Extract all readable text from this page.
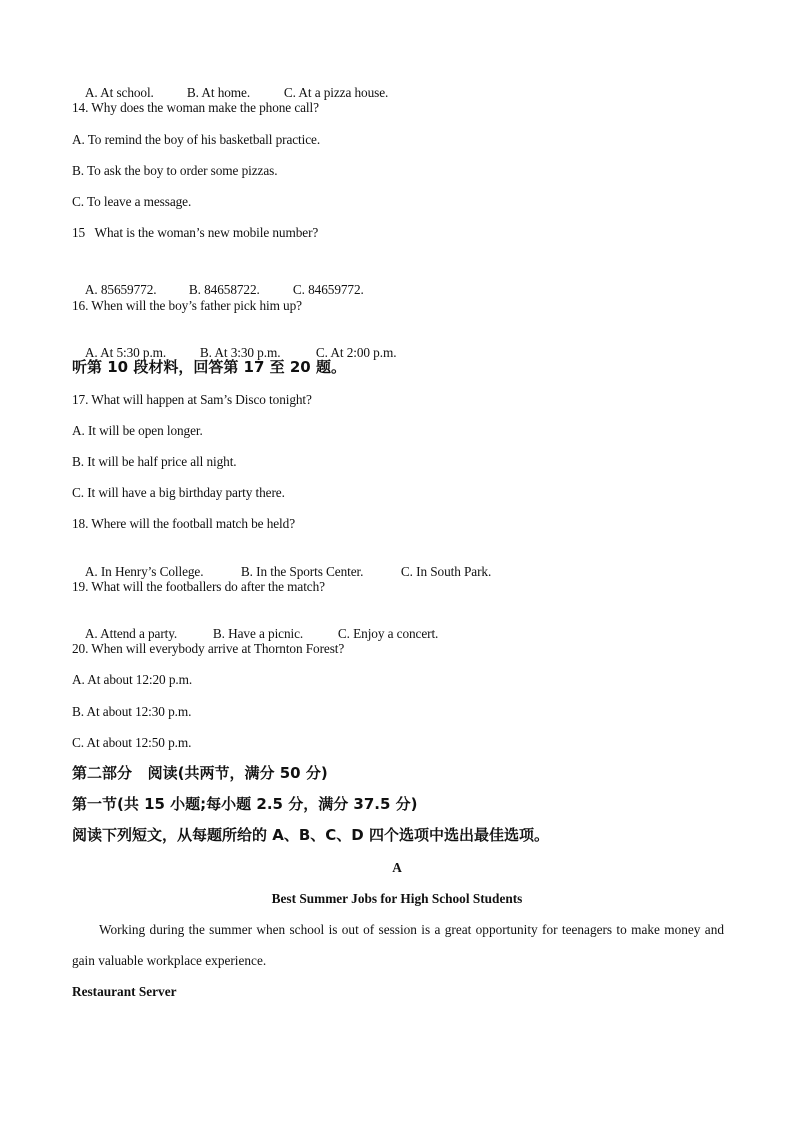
A. At school. B. At home.	C. At a pizza house.

14. Why does the woman make the phone call?
A. To remind the boy of his basketball practice.
B. To ask the boy to order some pizzas.
C. To leave a message.
15   What is the woman’s new mobile number?

A. 85659772. B. 84658722. C. 84659772.

16. When will the boy’s father pick him up?

A. At 5:30 p.m.	B. At 3:30 p.m.	C. At 2:00 p.m.

听第 10 段材料，回答第 17 至 20 题。
17. What will happen at Sam’s Disco tonight?
A. It will be open longer.
B. It will be half price all night.
C. It will have a big birthday party there.
18. Where will the football match be held?

A. In Henry’s College.	B. In the Sports Center.	C. In South Park.

19. What will the footballers do after the match?

A. Attend a party.	B. Have a picnic.	C. Enjoy a concert.

20. When will everybody arrive at Thornton Forest?
A. At about 12:20 p.m.
B. At about 12:30 p.m.
C. At about 12:50 p.m.
第二部分   阅读(共两节，满分 50 分)
第一节(共 15 小题;每小题 2.5 分，满分 37.5 分)
阅读下列短文，从每题所给的 A、B、C、D 四个选项中选出最佳选项。
A
Best Summer Jobs for High School Students
Working during the summer when school is out of session is a great opportunity for teenagers to make money and gain valuable workplace experience.
Restaurant Server
